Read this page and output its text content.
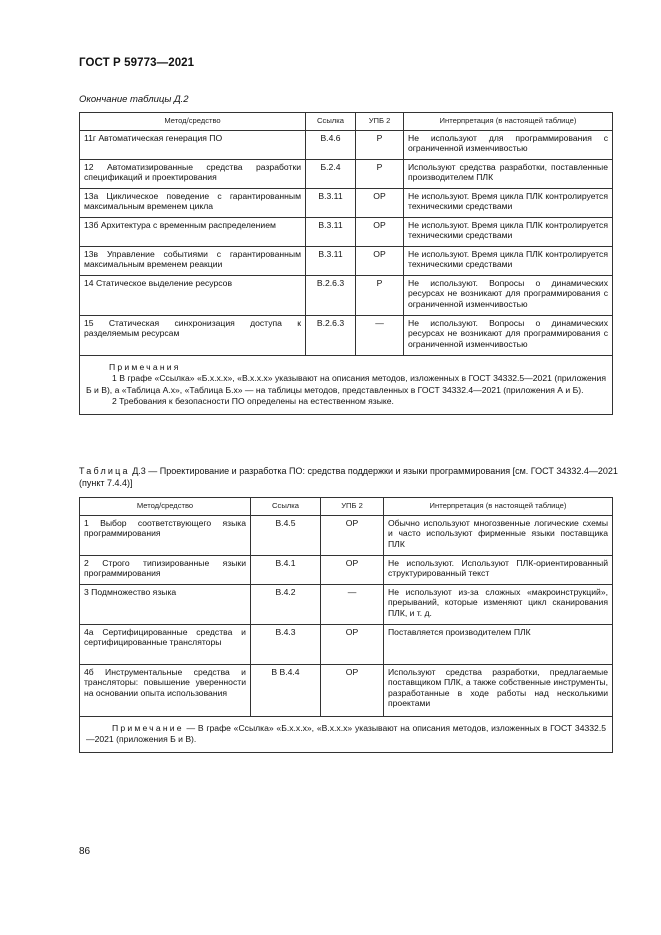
ГОСТ Р 59773—2021
Окончание таблицы Д.2
Метод/средство	Ссылка	УПБ 2	Интерпретация (в настоящей таблице)
11г Автоматическая генерация ПО	В.4.6	Р	Не используют для программирования с ограниченной изменчивостью
12 Автоматизированные средства разработки спецификаций и проектирования	Б.2.4	Р	Используют средства разработки, поставленные производителем ПЛК
13а Циклическое поведение с гарантированным максимальным временем цикла	В.3.11	ОР	Не используют. Время цикла ПЛК контролируется техническими средствами
13б Архитектура с временным распределением	В.3.11	ОР	Не используют. Время цикла ПЛК контролируется техническими средствами
13в Управление событиями с гарантированным максимальным временем реакции	В.3.11	ОР	Не используют. Время цикла ПЛК контролируется техническими средствами
14 Статическое выделение ресурсов	В.2.6.3	Р	Не используют. Вопросы о динамических ресурсах не возникают для программирования с ограниченной изменчивостью
15 Статическая синхронизация доступа к разделяемым ресурсам	В.2.6.3	—	Не используют. Вопросы о динамических ресурсах не возникают для программирования с ограниченной изменчивостью

Примечания

1 В графе «Ссылка» «Б.х.х.х», «В.х.х.х» указывают на описания методов, изложенных в ГОСТ 34332.5—2021 (приложения Б и В), а «Таблица А.х», «Таблица Б.х» — на таблицы методов, представленных в ГОСТ 34332.4—2021 (приложения А и Б).

2 Требования к безопасности ПО определены на естественном языке.			

Таблица Д.3 — Проектирование и разработка ПО: средства поддержки и языки программирования [см. ГОСТ 34332.4—2021 (пункт 7.4.4)]
Метод/средство	Ссылка	УПБ 2	Интерпретация (в настоящей таблице)
1 Выбор соответствующего языка программирования	В.4.5	ОР	Обычно используют многозвенные логические схемы и часто используют фирменные языки поставщика ПЛК
2 Строго типизированные языки программирования	В.4.1	ОР	Не используют. Используют ПЛК-ориентированный структурированный текст
3 Подмножество языка	В.4.2	—	Не используют из-за сложных «макроинструкций», прерываний, которые изменяют цикл сканирования ПЛК, и т. д.
4а Сертифицированные средства и сертифицированные трансляторы	В.4.3	ОР	Поставляется производителем ПЛК
4б Инструментальные средства и трансляторы: повышение уверенности на основании опыта использования	В В.4.4	ОР	Используют средства разработки, предлагаемые поставщиком ПЛК, а также собственные инструменты, разработанные в ходе работы над несколькими проектами

Примечание — В графе «Ссылка» «Б.х.х.х», «В.х.х.х» указывают на описания методов, изложенных в ГОСТ 34332.5—2021 (приложения Б и В).			

86
